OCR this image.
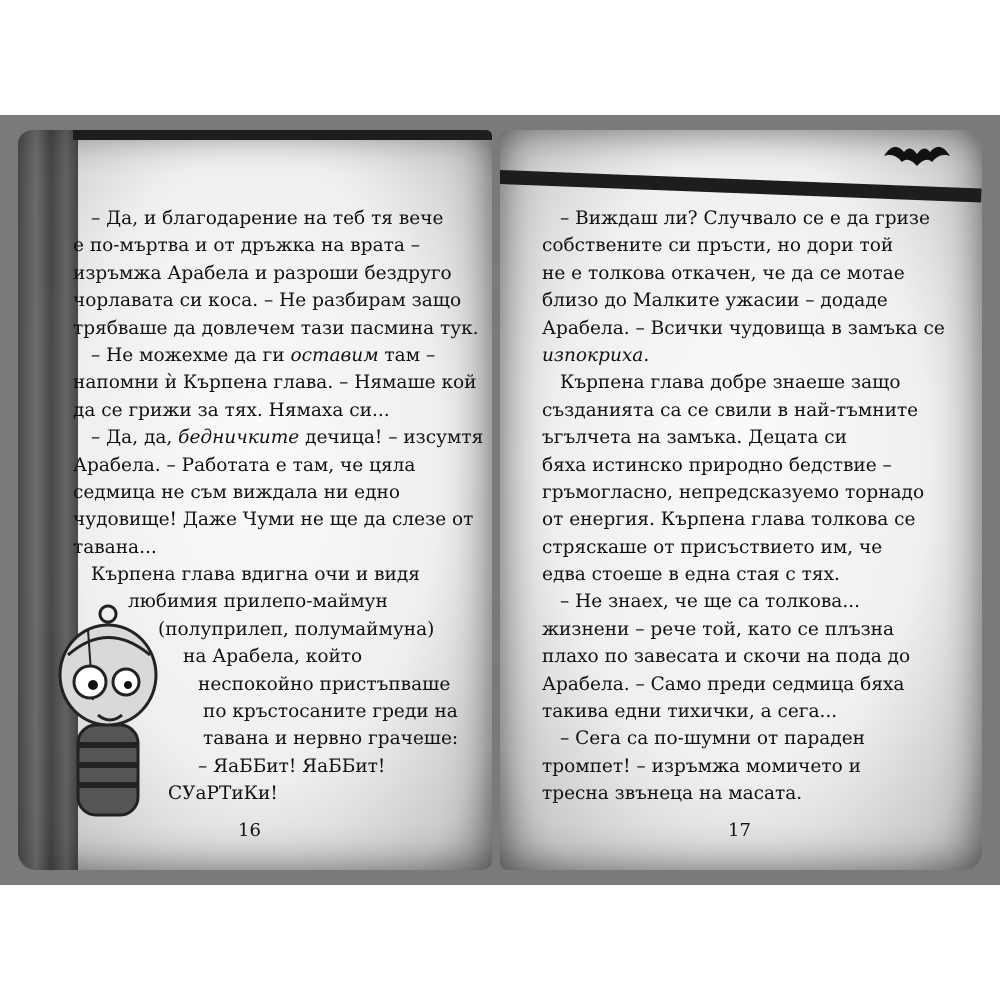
– Да, и благодарение на теб тя вече
е по-мъртва и от дръжка на врата –
изръмжа Арабела и разроши бездруго
чорлавата си коса. – Не разбирам защо
трябваше да довлечем тази пасмина тук.
– Не можехме да ги оставим там –
напомни ѝ Кърпена глава. – Нямаше кой
да се грижи за тях. Нямаха си...
– Да, да, бедничките дечица! – изсумтя
Арабела. – Работата е там, че цяла
седмица не съм виждала ни едно
чудовище! Даже Чуми не ще да слезе от
тавана...
Кърпена глава вдигна очи и видя
любимия прилепо-маймун
(полуприлеп, полумаймуна)
на Арабела, който
неспокойно пристъпваше
по кръстосаните греди на
тавана и нервно грачеше:
– ЯаББит! ЯаББит!
СУаРТиКи!
16
– Виждаш ли? Случвало се е да гризе
собствените си пръсти, но дори той
не е толкова откачен, че да се мотае
близо до Малките ужасии – додаде
Арабела. – Всички чудовища в замъка се
изпокриха.
Кърпена глава добре знаеше защо
създанията са се свили в най-тъмните
ъгълчета на замъка. Децата си
бяха истинско природно бедствие –
гръмогласно, непредсказуемо торнадо
от енергия. Кърпена глава толкова се
стряскаше от присъствието им, че
едва стоеше в една стая с тях.
– Не знаех, че ще са толкова...
жизнени – рече той, като се плъзна
плахо по завесата и скочи на пода до
Арабела. – Само преди седмица бяха
такива едни тихички, а сега...
– Сега са по-шумни от параден
тромпет! – изръмжа момичето и
тресна звънеца на масата.
17
